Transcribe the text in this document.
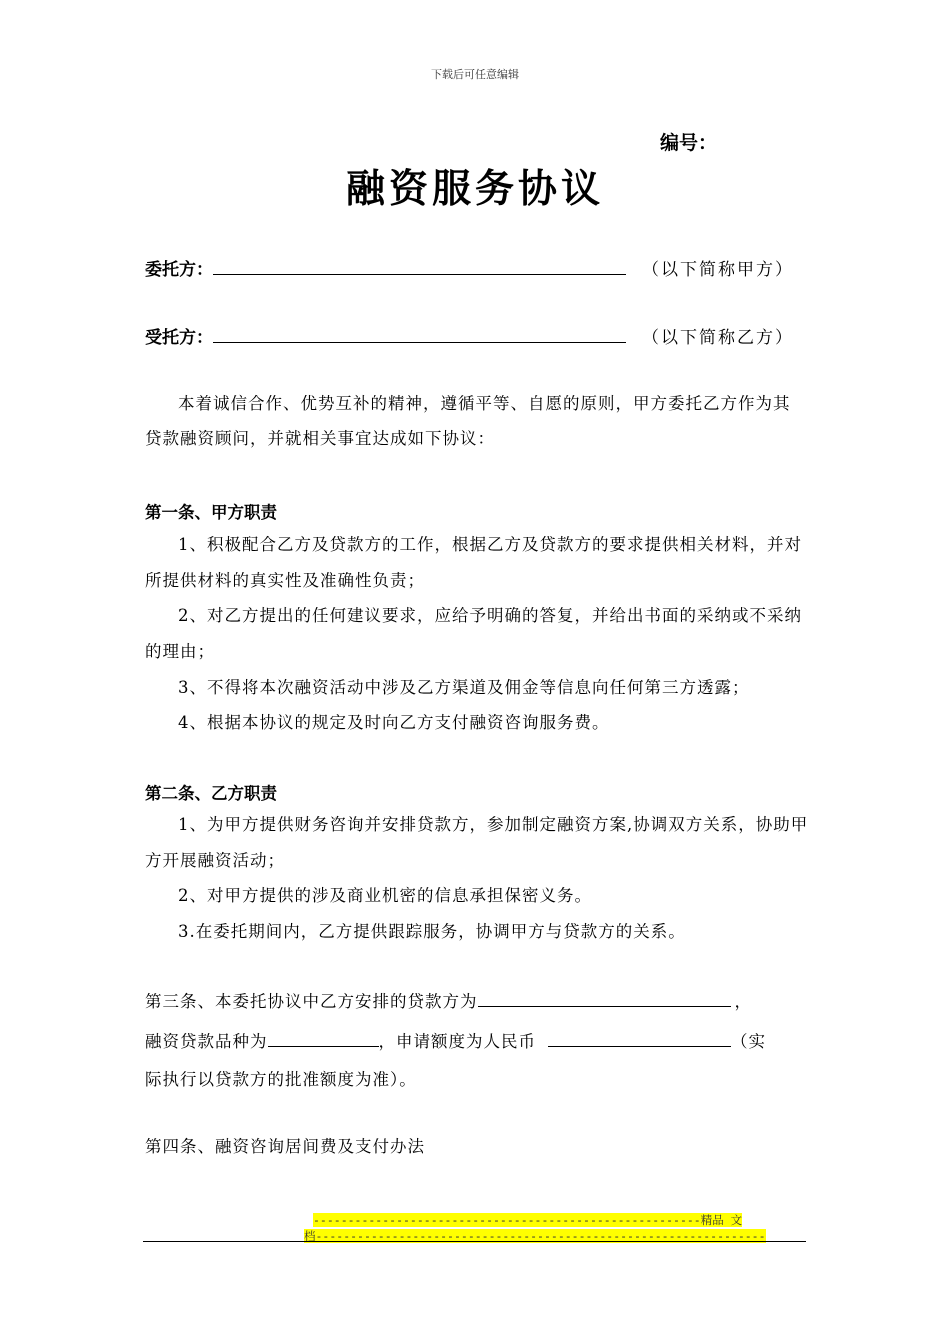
下载后可任意编辑
编号：
融资服务协议
委托方：	（以下简称甲方）
受托方：	（以下简称乙方）
本着诚信合作、优势互补的精神，遵循平等、自愿的原则，甲方委托乙方作为其贷款融资顾问，并就相关事宜达成如下协议：
第一条、甲方职责
1、积极配合乙方及贷款方的工作，根据乙方及贷款方的要求提供相关材料，并对所提供材料的真实性及准确性负责；
2、对乙方提出的任何建议要求，应给予明确的答复，并给出书面的采纳或不采纳的理由；
3、不得将本次融资活动中涉及乙方渠道及佣金等信息向任何第三方透露；
4、根据本协议的规定及时向乙方支付融资咨询服务费。
第二条、乙方职责
1、为甲方提供财务咨询并安排贷款方，参加制定融资方案,协调双方关系，协助甲方开展融资活动；
2、对甲方提供的涉及商业机密的信息承担保密义务。
3.在委托期间内，乙方提供跟踪服务，协调甲方与贷款方的关系。
第三条、本委托协议中乙方安排的贷款方为	，
融资贷款品种为	，申请额度为人民币	（实
际执行以贷款方的批准额度为准）。
第四条、融资咨询居间费及支付办法
--------------------------------------------------------精品 文
档-----------------------------------------------------------------
